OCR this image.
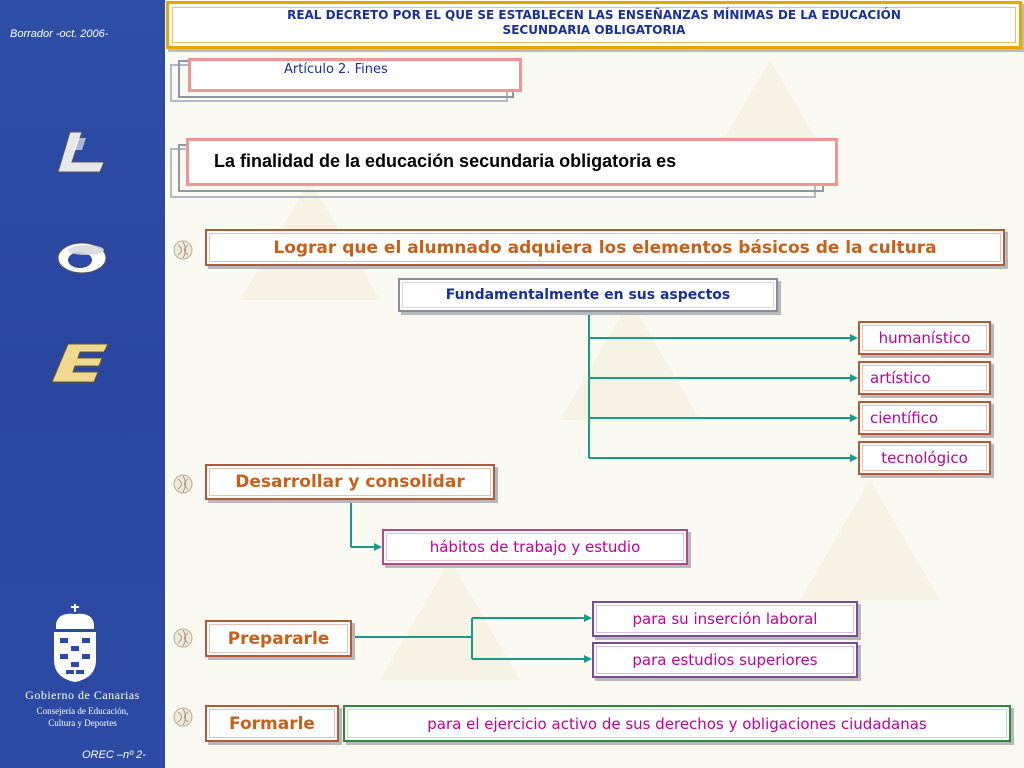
Borrador -oct. 2006-
L
O
E
Gobierno de Canarias
Consejería de Educación,
Cultura y Deportes
OREC –nº 2-
REAL DECRETO POR EL QUE SE ESTABLECEN LAS ENSEÑANZAS MÍNIMAS DE LA EDUCACIÓN
SECUNDARIA OBLIGATORIA
Artículo 2. Fines
La finalidad de la educación secundaria obligatoria es
Lograr que el alumnado adquiera los elementos básicos de la cultura
Fundamentalmente en sus aspectos
humanístico
artístico
científico
tecnológico
Desarrollar y consolidar
hábitos de trabajo y estudio
Prepararle
para su inserción laboral
para estudios superiores
Formarle	para el ejercicio activo de sus derechos y obligaciones ciudadanas
